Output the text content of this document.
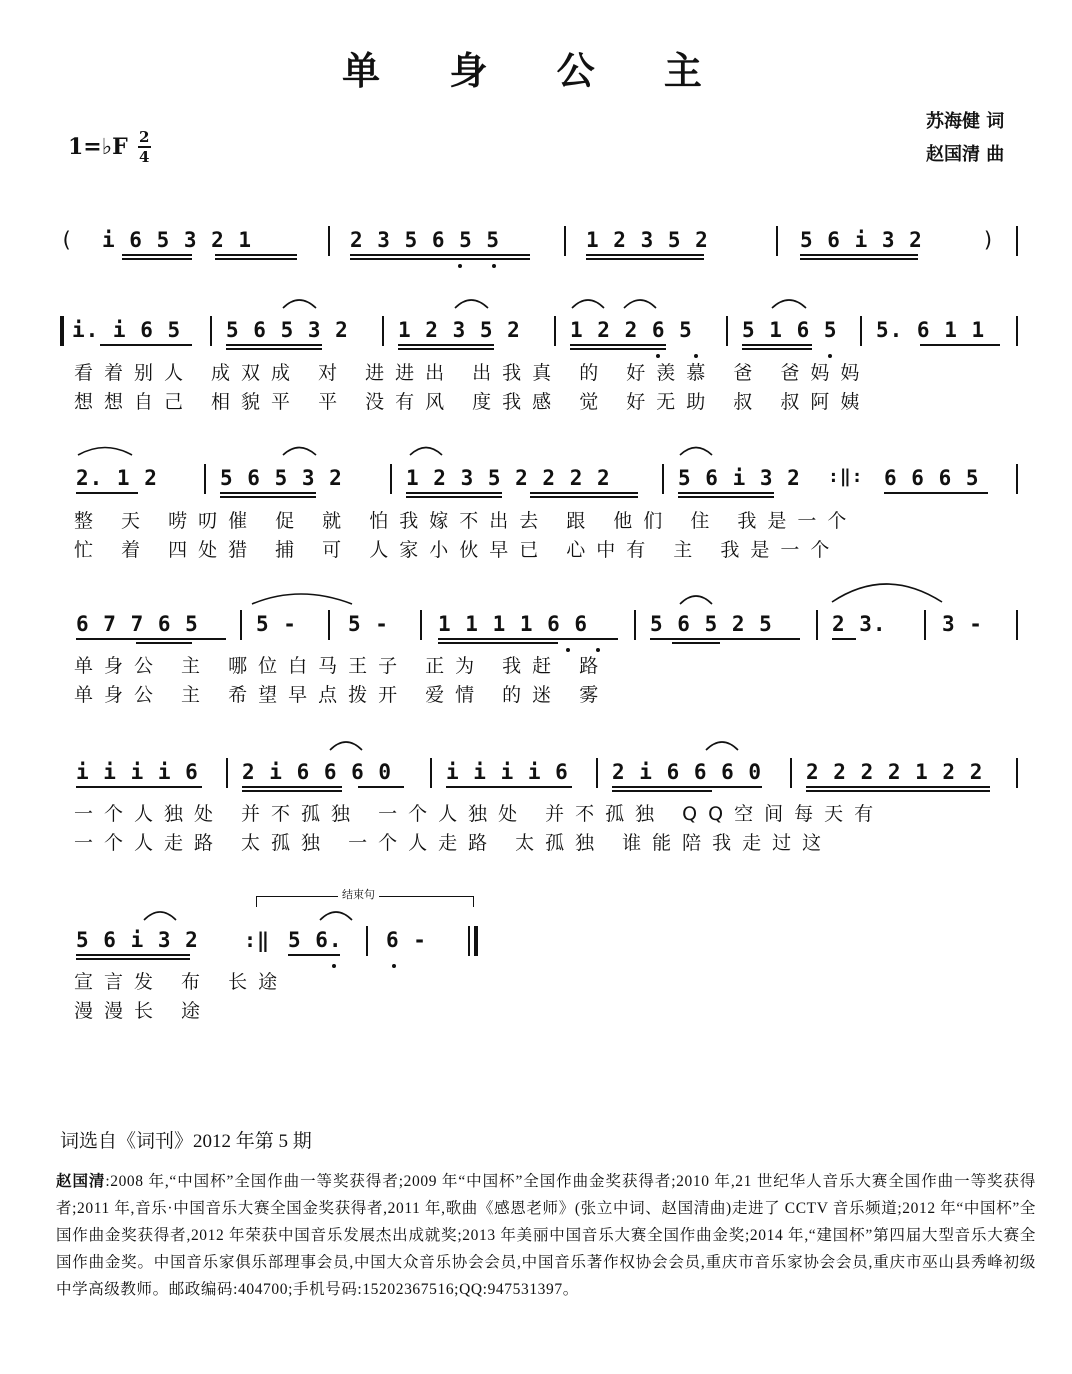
单 身 公 主
苏海健 词
赵国清 曲
1=♭F 2
4
( i 6 5 3 2 1	2 3 5 6 5 5	1 2 3 5 2	5 6 i 3 2	)
i. i 6 5 5 6 5 3 2 1 2 3 5 2 1 2 2 6 5 5 1 6 5 5. 6 1 1
看着别人 成双成 对 进进出 出我真 的 好羡慕 爸 爸妈妈
想想自己 相貌平 平 没有风 度我感 觉 好无助 叔 叔阿姨
2. 1 2	5 6 5 3 2	1 2 3 5 2 2 2 2	5 6 i 3 2 :‖: 6 6 6 5
整 天 唠叨催 促 就 怕我嫁不出去 跟 他们 住 我是一个
忙 着 四处猎 捕 可 人家小伙早已 心中有 主 我是一个
6 7 7 6 5	5 - 5 - 1 1 1 1 6 6	5 6 5 2 5	2 3.	3 -
单身公 主 哪位白马王子 正为 我赶 路
单身公 主 希望早点拨开 爱情 的迷 雾
i i i i 6 2 i 6 6 6 0	i i i i 6 2 i 6 6 6 0 2 2 2 2 1 2 2
一个人独处 并不孤独 一个人独处 并不孤独 QQ空间每天有
一个人走路 太孤独 一个人走路 太孤独 谁能陪我走过这
结束句
5 6 i 3 2 :‖ 5 6. 6 -
宣言发 布 长途
漫漫长 途
词选自《词刊》2012 年第 5 期
赵国清:2008 年,“中国杯”全国作曲一等奖获得者;2009 年“中国杯”全国作曲金奖获得者;2010 年,21 世纪华人音乐大赛全国作曲一等奖获得者;2011 年,音乐·中国音乐大赛全国金奖获得者,2011 年,歌曲《感恩老师》(张立中词、赵国清曲)走进了 CCTV 音乐频道;2012 年“中国杯”全国作曲金奖获得者,2012 年荣获中国音乐发展杰出成就奖;2013 年美丽中国音乐大赛全国作曲金奖;2014 年,“建国杯”第四届大型音乐大赛全国作曲金奖。中国音乐家俱乐部理事会员,中国大众音乐协会会员,中国音乐著作权协会会员,重庆市音乐家协会会员,重庆市巫山县秀峰初级中学高级教师。邮政编码:404700;手机号码:15202367516;QQ:947531397。
